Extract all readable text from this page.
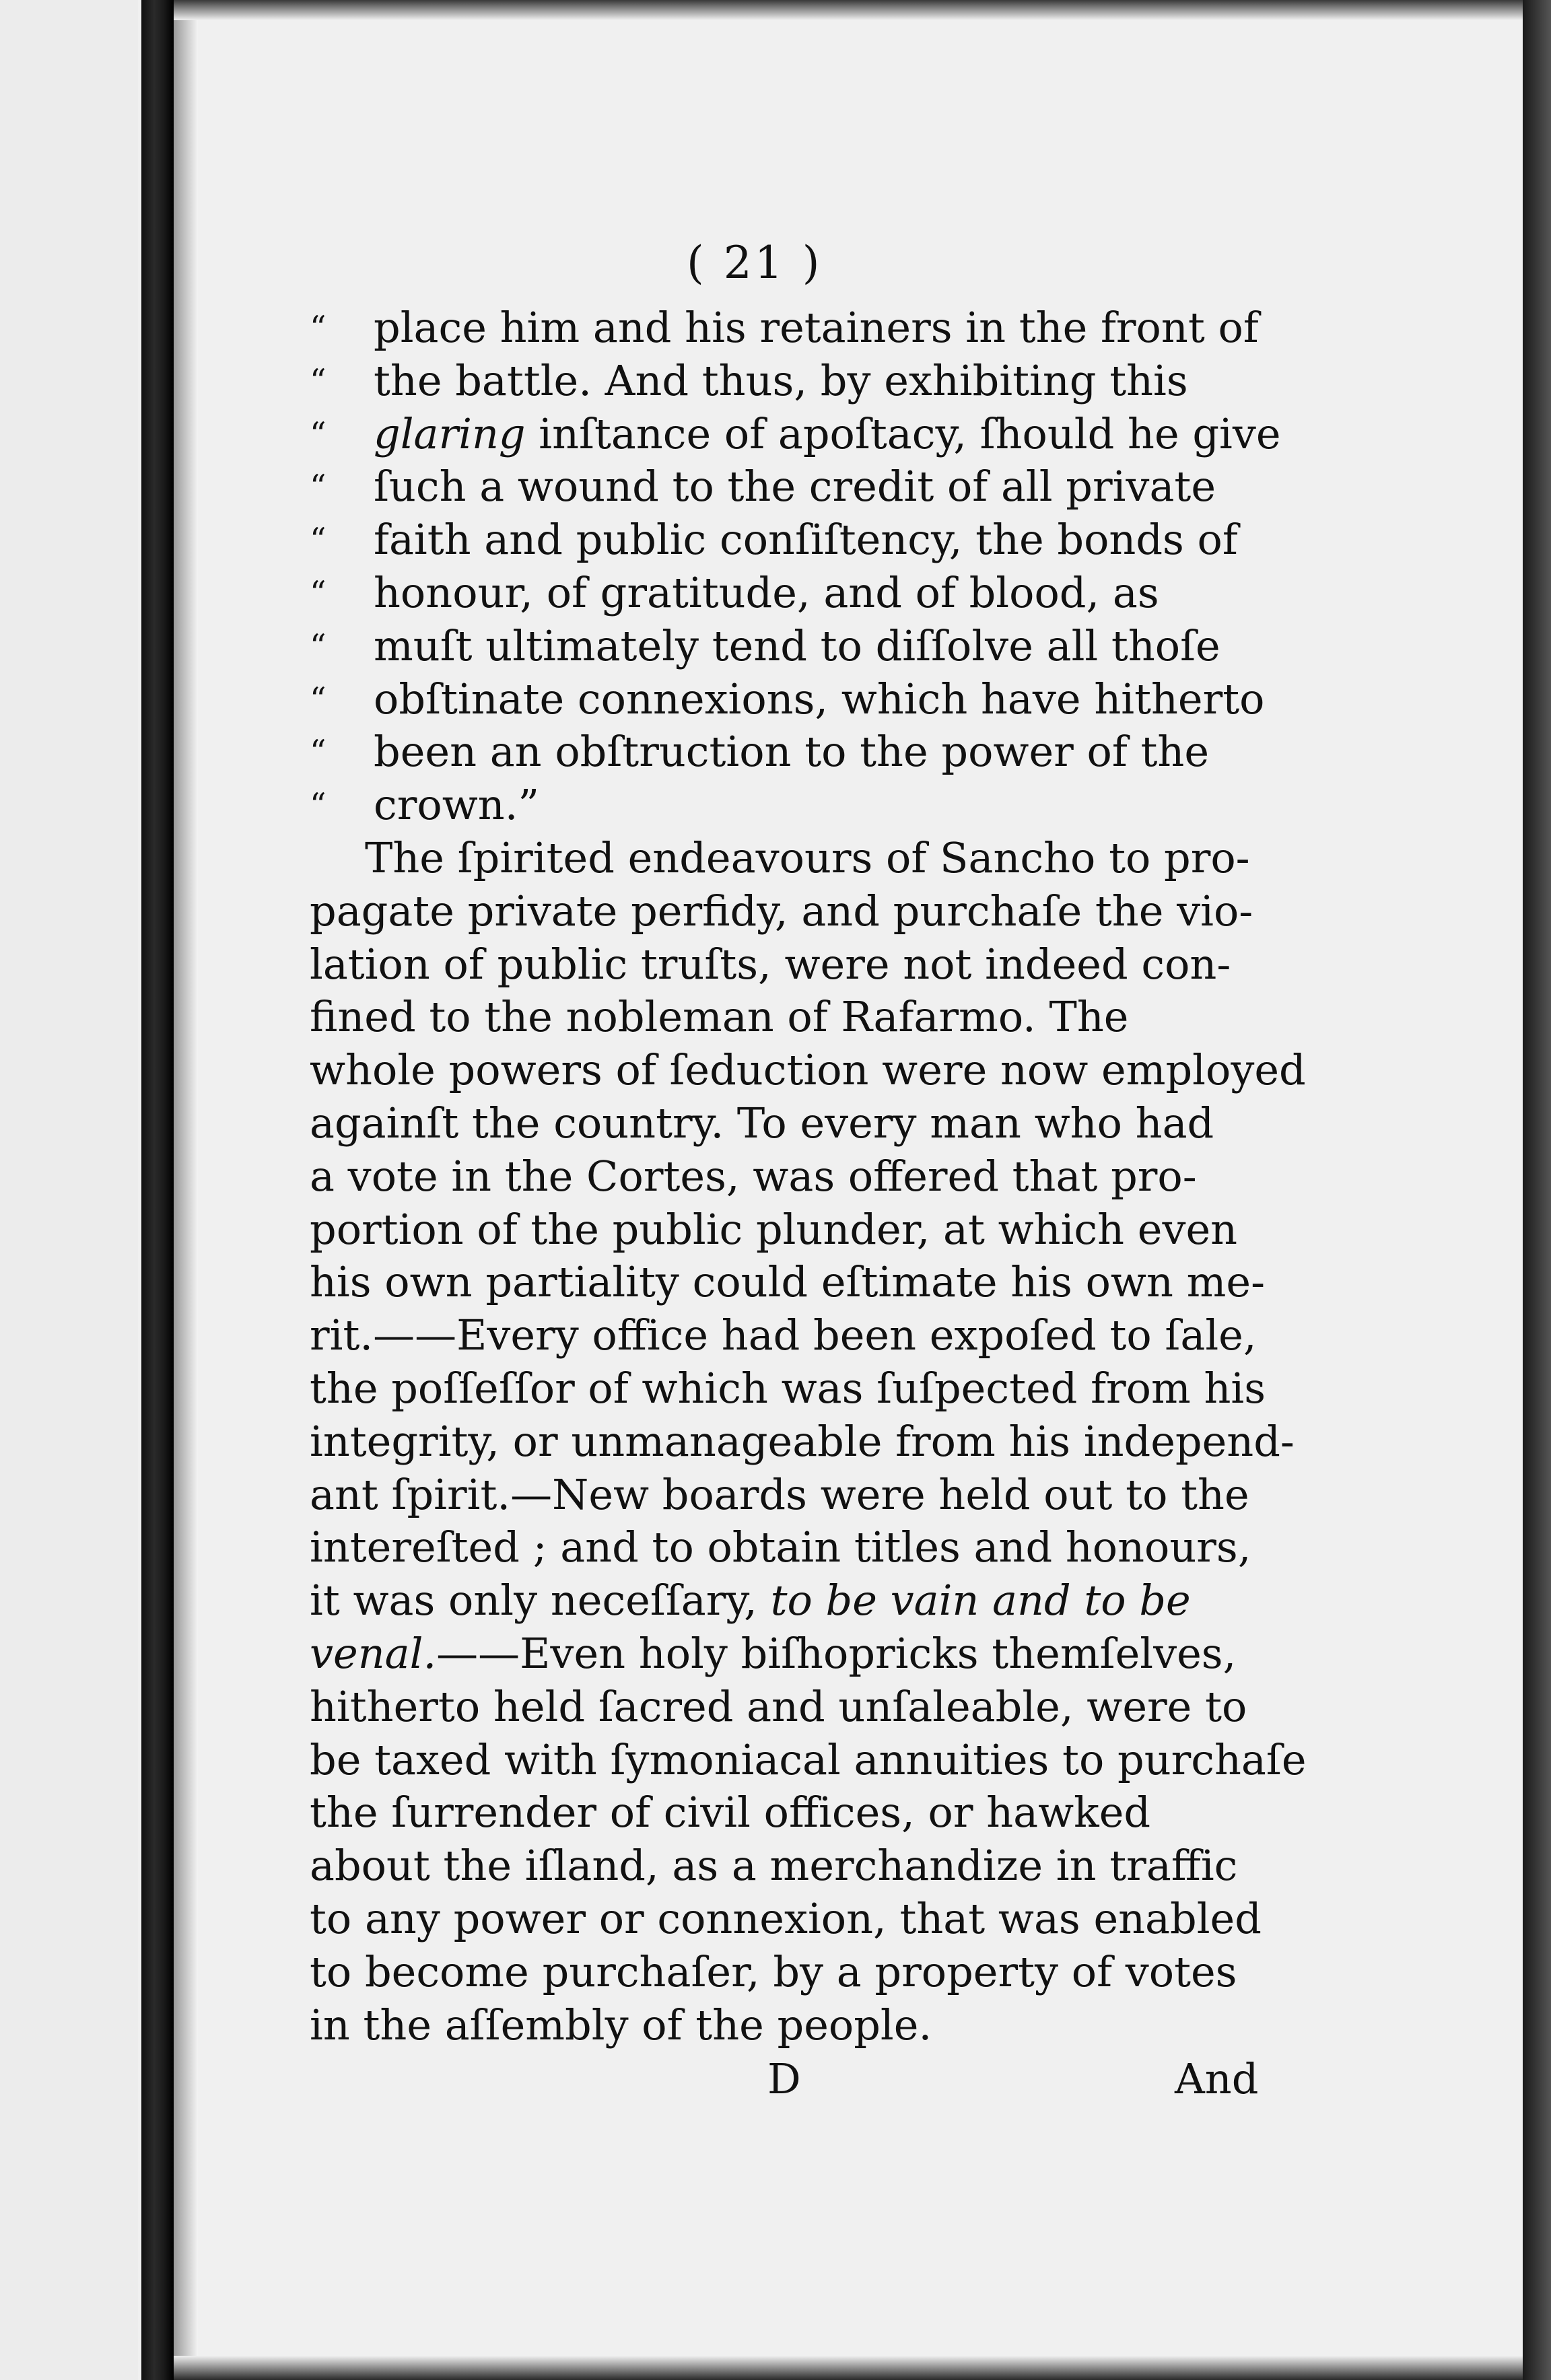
( 21 )
“	place him and his retainers in the front of
“	the battle. And thus, by exhibiting this
“	glaring inſtance of apoſtacy, ſhould he give
“	ſuch a wound to the credit of all private
“	faith and public conſiſtency, the bonds of
“	honour, of gratitude, and of blood, as
“	muſt ultimately tend to diſſolve all thoſe
“	obſtinate connexions, which have hitherto
“	been an obſtruction to the power of the
“	crown.”
The ſpirited endeavours of Sancho to pro-
pagate private perfidy, and purchaſe the vio-
lation of public truſts, were not indeed con-
fined to the nobleman of Rafarmo. The
whole powers of ſeduction were now employed
againſt the country. To every man who had
a vote in the Cortes, was offered that pro-
portion of the public plunder, at which even
his own partiality could eſtimate his own me-
rit.——Every office had been expoſed to ſale,
the poſſeſſor of which was ſuſpected from his
integrity, or unmanageable from his independ-
ant ſpirit.—New boards were held out to the
intereſted ; and to obtain titles and honours,
it was only neceſſary, to be vain and to be
venal.——Even holy biſhopricks themſelves,
hitherto held ſacred and unſaleable, were to
be taxed with ſymoniacal annuities to purchaſe
the ſurrender of civil offices, or hawked
about the iſland, as a merchandize in traffic
to any power or connexion, that was enabled
to become purchaſer, by a property of votes
in the aſſembly of the people.
D	And
